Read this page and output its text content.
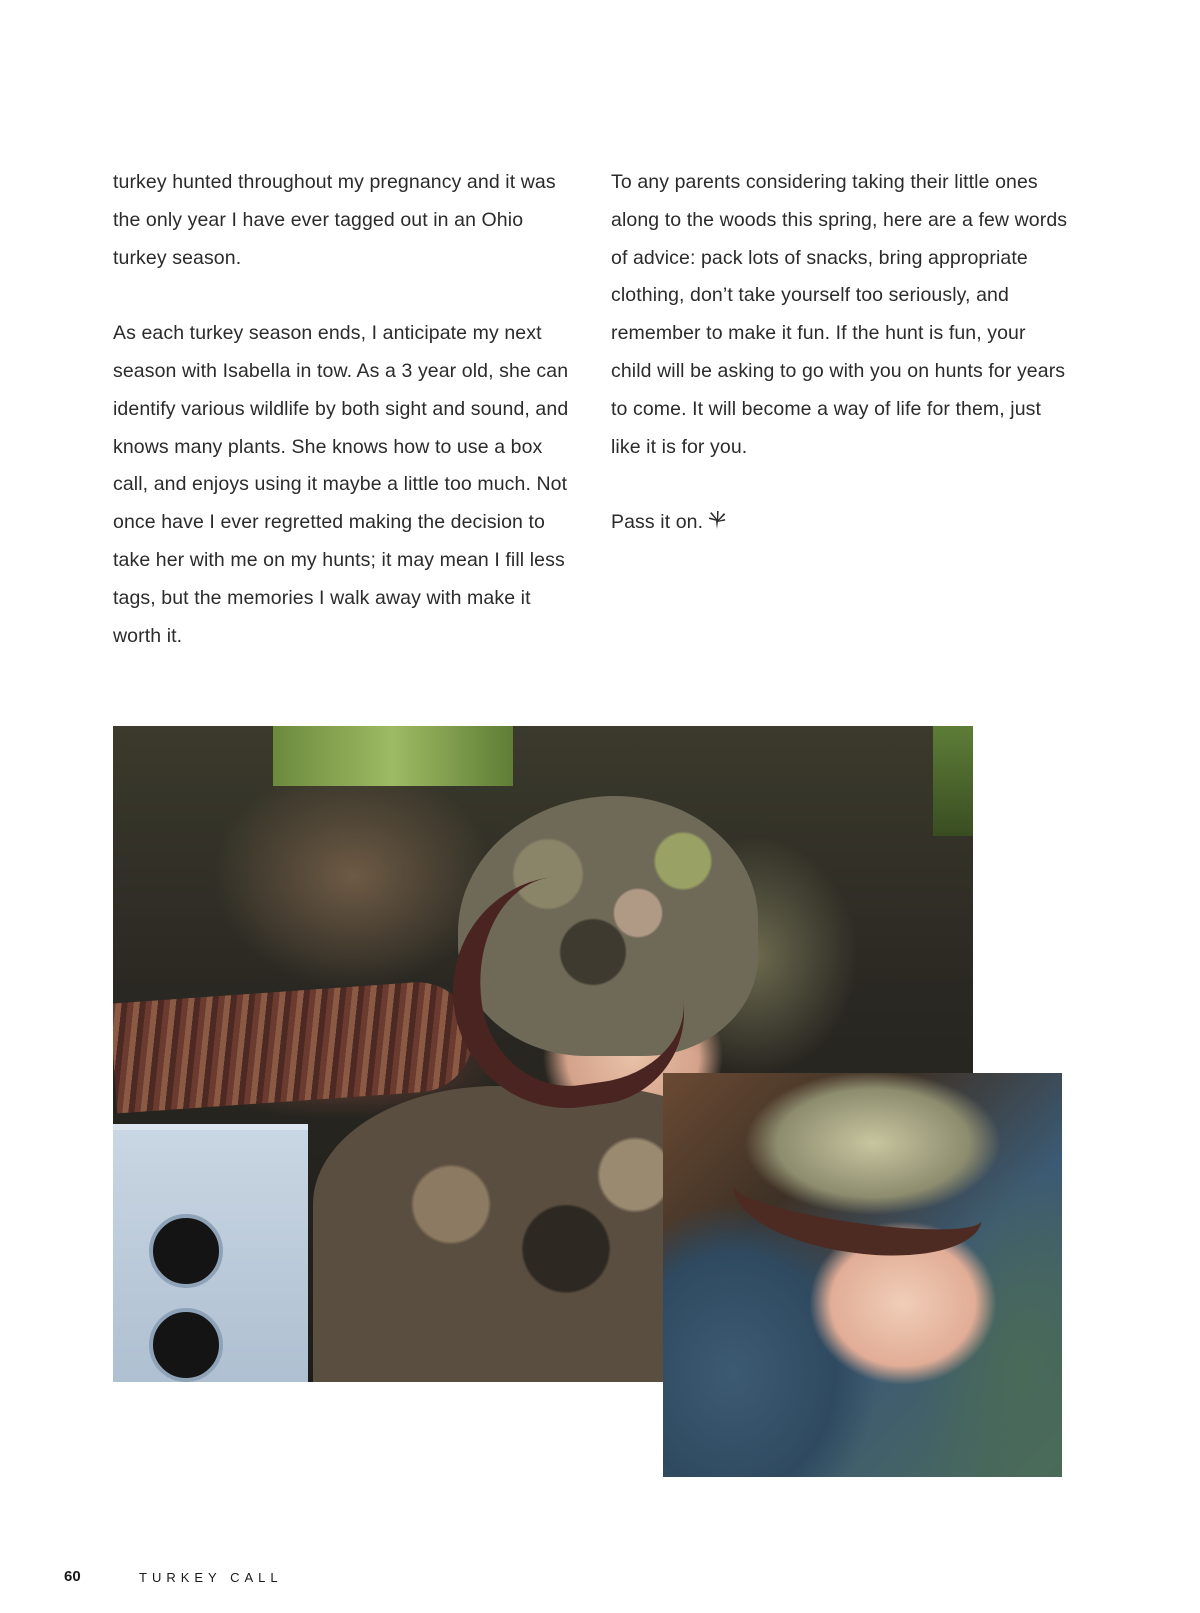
turkey hunted throughout my pregnancy and it was the only year I have ever tagged out in an Ohio turkey season.

As each turkey season ends, I anticipate my next season with Isabella in tow. As a 3 year old, she can identify various wildlife by both sight and sound, and knows many plants. She knows how to use a box call, and enjoys using it maybe a little too much. Not once have I ever regretted making the decision to take her with me on my hunts; it may mean I fill less tags, but the memories I walk away with make it worth it.

To any parents considering taking their little ones along to the woods this spring, here are a few words of advice: pack lots of snacks, bring appropriate clothing, don’t take yourself too seriously, and remember to make it fun. If the hunt is fun, your child will be asking to go with you on hunts for years to come. It will become a way of life for them, just like it is for you.

Pass it on.

60	TURKEY CALL
